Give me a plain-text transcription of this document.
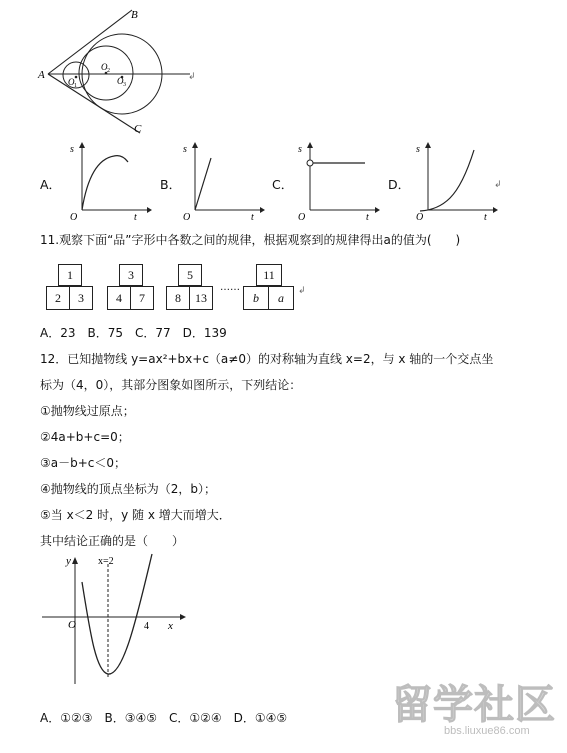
A
B
C
O 1
O 2
O 3
↲
A．
s
t
O
B．
s
t
O
C．
s
t
O
D．
s
t
O
↲
11.观察下面“品”字形中各数之间的规律，根据观察到的规律得出a的值为(　　)
1
2	3
3
4	7
5
8	13
……
11
b	a	↲
A．23　B．75　C．77　D．139
12．已知抛物线 y=ax²+bx+c（a≠0）的对称轴为直线 x=2，与 x 轴的一个交点坐
标为（4，0），其部分图象如图所示，下列结论：
①抛物线过原点；
②4a+b+c=0；
③a－b+c＜0；
④抛物线的顶点坐标为（2，b）；
⑤当 x＜2 时，y 随 x 增大而增大．
其中结论正确的是（　　）
y	x=2
O	4 x
A．①②③　B．③④⑤　C．①②④　D．①④⑤	留学社区
bbs.liuxue86.com
